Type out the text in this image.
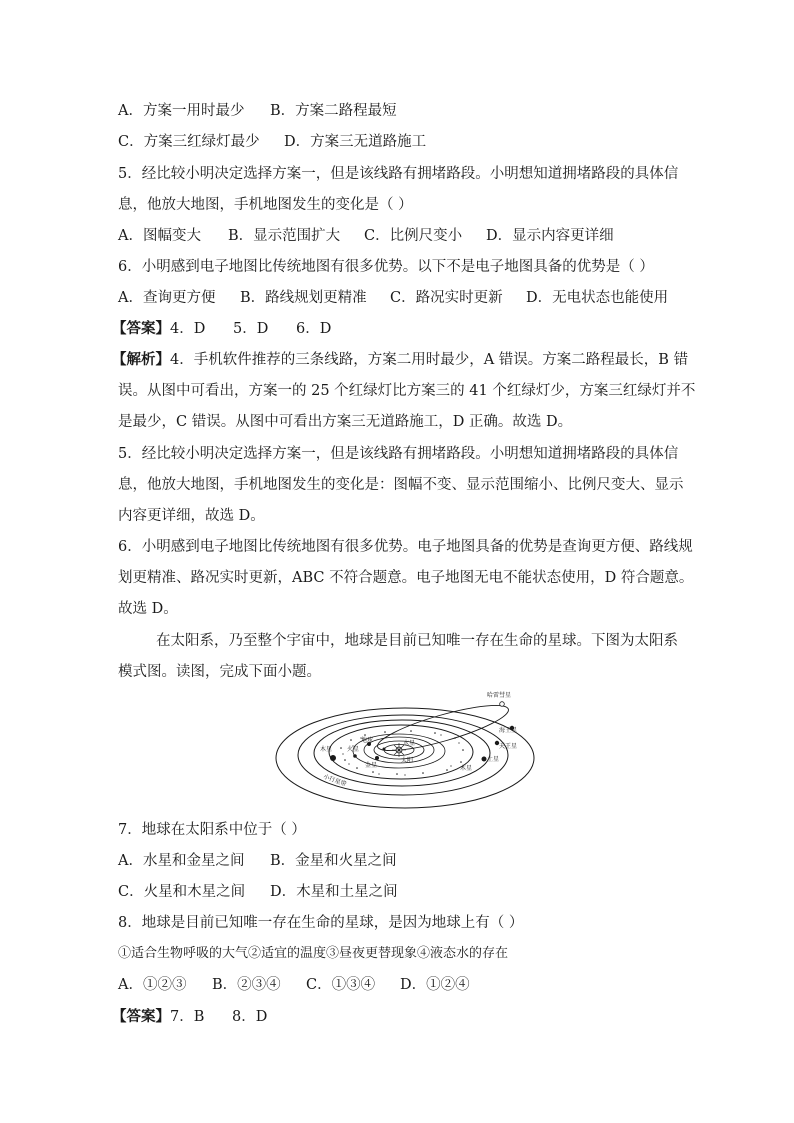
A．方案一用时最少 B．方案二路程最短
C．方案三红绿灯最少 D．方案三无道路施工
5．经比较小明决定选择方案一，但是该线路有拥堵路段。小明想知道拥堵路段的具体信
息，他放大地图，手机地图发生的变化是（ ）
A．图幅变大 B．显示范围扩大 C．比例尺变小 D．显示内容更详细
6．小明感到电子地图比传统地图有很多优势。以下不是电子地图具备的优势是（ ）
A．查询更方便 B．路线规划更精准 C．路况实时更新 D．无电状态也能使用
【答案】4．D      5．D      6．D
【解析】4．手机软件推荐的三条线路，方案二用时最少，A 错误。方案二路程最长，B 错
误。从图中可看出，方案一的 25 个红绿灯比方案三的 41 个红绿灯少，方案三红绿灯并不
是最少，C 错误。从图中可看出方案三无道路施工，D 正确。故选 D。
5．经比较小明决定选择方案一，但是该线路有拥堵路段。小明想知道拥堵路段的具体信
息，他放大地图，手机地图发生的变化是：图幅不变、显示范围缩小、比例尺变大、显示
内容更详细，故选 D。
6．小明感到电子地图比传统地图有很多优势。电子地图具备的优势是查询更方便、路线规
划更精准、路况实时更新，ABC 不符合题意。电子地图无电不能状态使用，D 符合题意。
故选 D。
在太阳系，乃至整个宇宙中，地球是目前已知唯一存在生命的星球。下图为太阳系
模式图。读图，完成下面小题。
哈雷彗星
海王星
天王星
土星
木星
木星 火星
地球
金星
水星
太阳
小行星带
7．地球在太阳系中位于（ ）
A．水星和金星之间 B．金星和火星之间
C．火星和木星之间 D．木星和土星之间
8．地球是目前已知唯一存在生命的星球，是因为地球上有（ ）
①适合生物呼吸的大气②适宜的温度③昼夜更替现象④液态水的存在
A．①②③ B．②③④ C．①③④ D．①②④
【答案】7．B      8．D
